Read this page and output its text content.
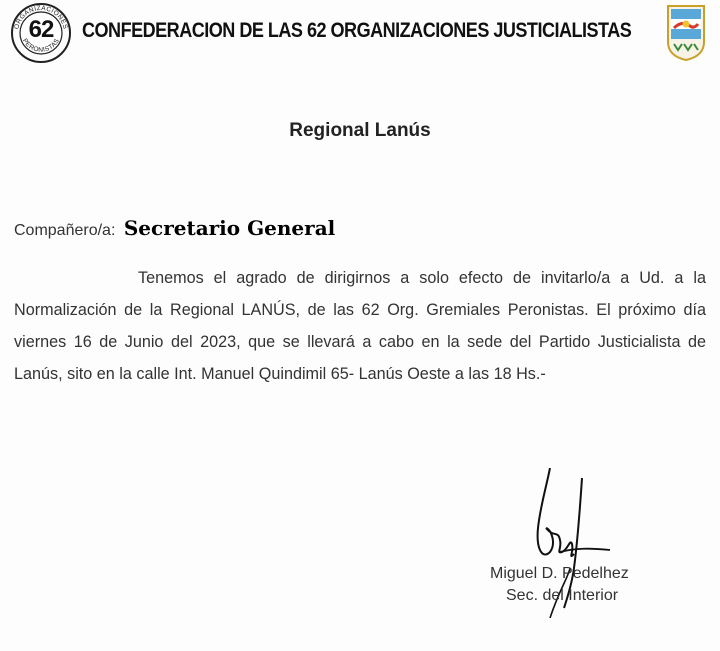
ORGANIZACIONES
PERONISTAS
62	CONFEDERACION DE LAS 62 ORGANIZACIONES JUSTICIALISTAS
Regional Lanús
Compañero/a: Secretario General
Tenemos el agrado de dirigirnos a solo efecto de invitarlo/a a Ud. a la Normalización de la Regional LANÚS, de las 62 Org. Gremiales Peronistas. El próximo día viernes 16 de Junio del 2023, que se llevará a cabo en la sede del Partido Justicialista de Lanús, sito en la calle Int. Manuel Quindimil 65- Lanús Oeste a las 18 Hs.-
Miguel D. Pedelhez
Sec. del Interior
